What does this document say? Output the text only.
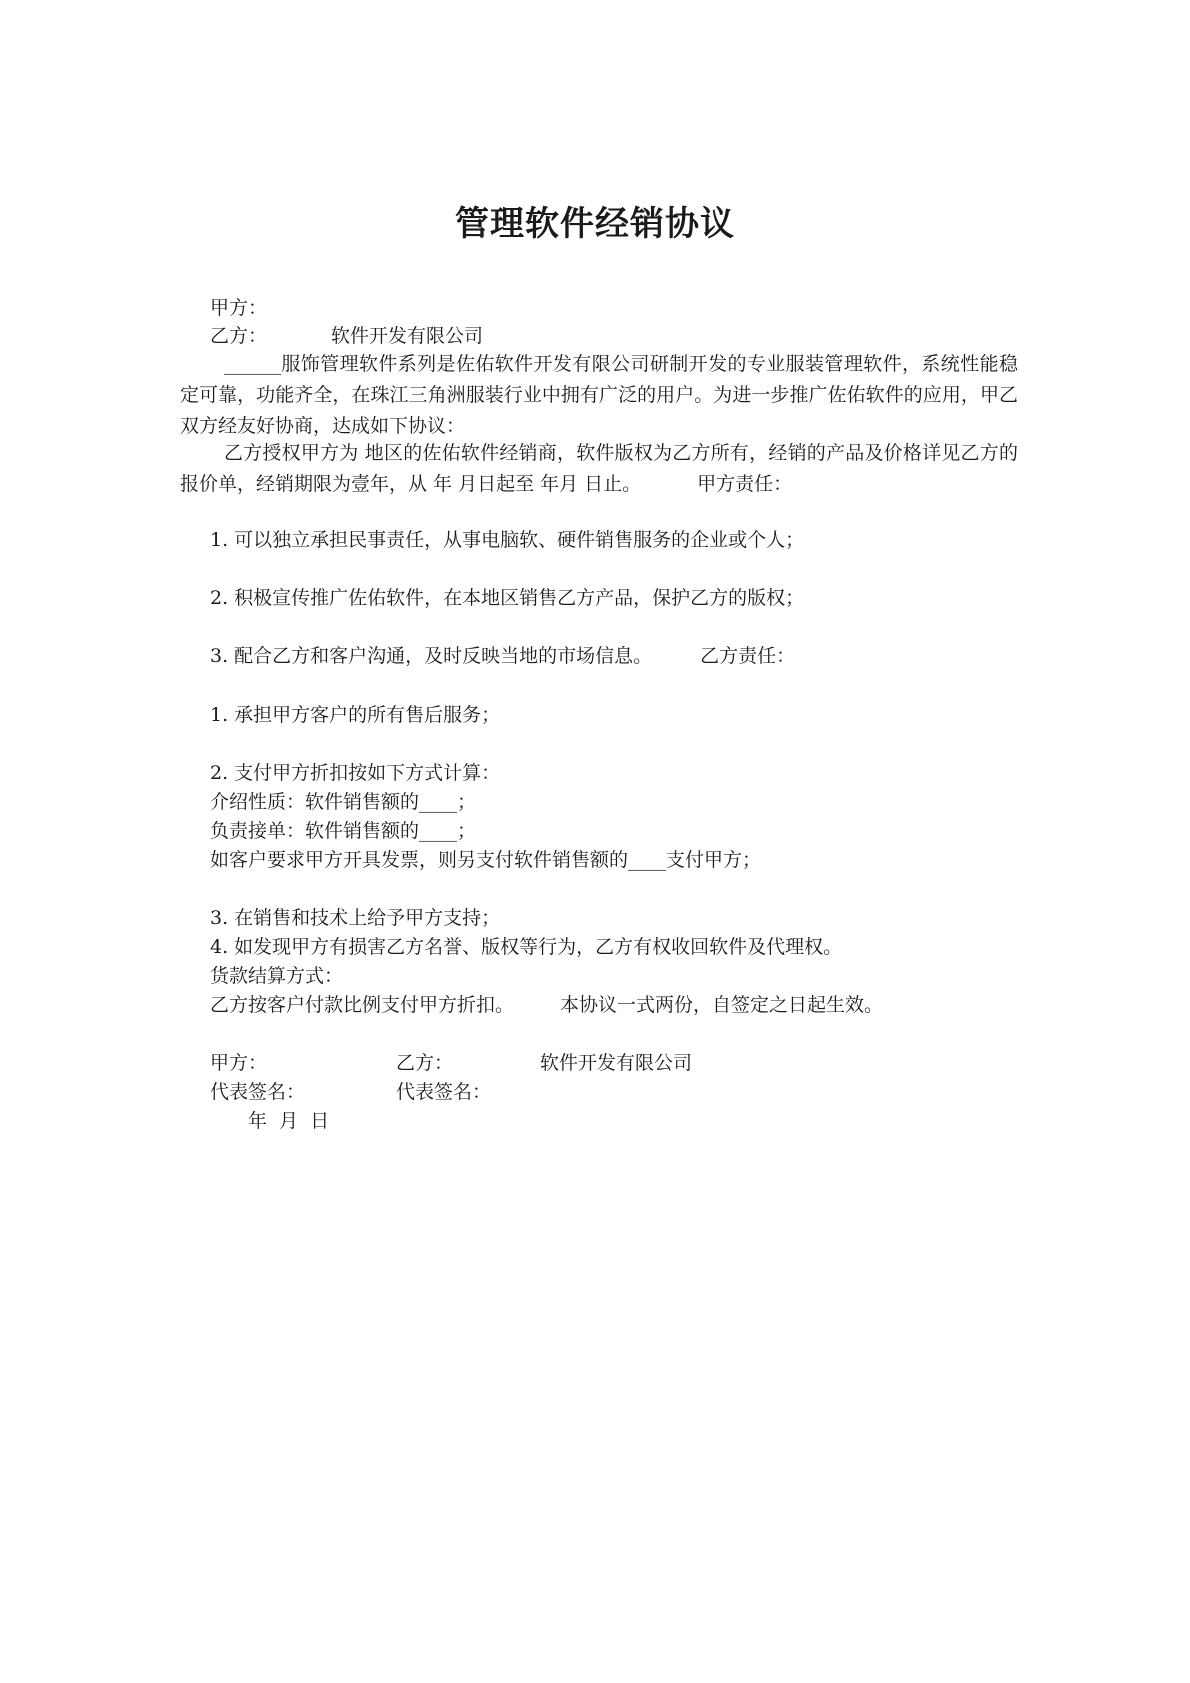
管理软件经销协议
甲方：
乙方：	软件开发有限公司
______服饰管理软件系列是佐佑软件开发有限公司研制开发的专业服装管理软件，系统性能稳定可靠，功能齐全，在珠江三角洲服装行业中拥有广泛的用户。为进一步推广佐佑软件的应用，甲乙双方经友好协商，达成如下协议：
乙方授权甲方为 地区的佐佑软件经销商，软件版权为乙方所有，经销的产品及价格详见乙方的报价单，经销期限为壹年，从 年 月日起至 年月 日止。	甲方责任：
1. 可以独立承担民事责任，从事电脑软、硬件销售服务的企业或个人；
2. 积极宣传推广佐佑软件，在本地区销售乙方产品，保护乙方的版权；
3. 配合乙方和客户沟通，及时反映当地的市场信息。	乙方责任：
1. 承担甲方客户的所有售后服务；
2. 支付甲方折扣按如下方式计算：
介绍性质：软件销售额的____；
负责接单：软件销售额的____；
如客户要求甲方开具发票，则另支付软件销售额的____支付甲方；
3. 在销售和技术上给予甲方支持；
4. 如发现甲方有损害乙方名誉、版权等行为，乙方有权收回软件及代理权。
货款结算方式：
乙方按客户付款比例支付甲方折扣。 本协议一式两份，自签定之日起生效。
甲方：	乙方：	软件开发有限公司
代表签名：	代表签名：
年  月  日
